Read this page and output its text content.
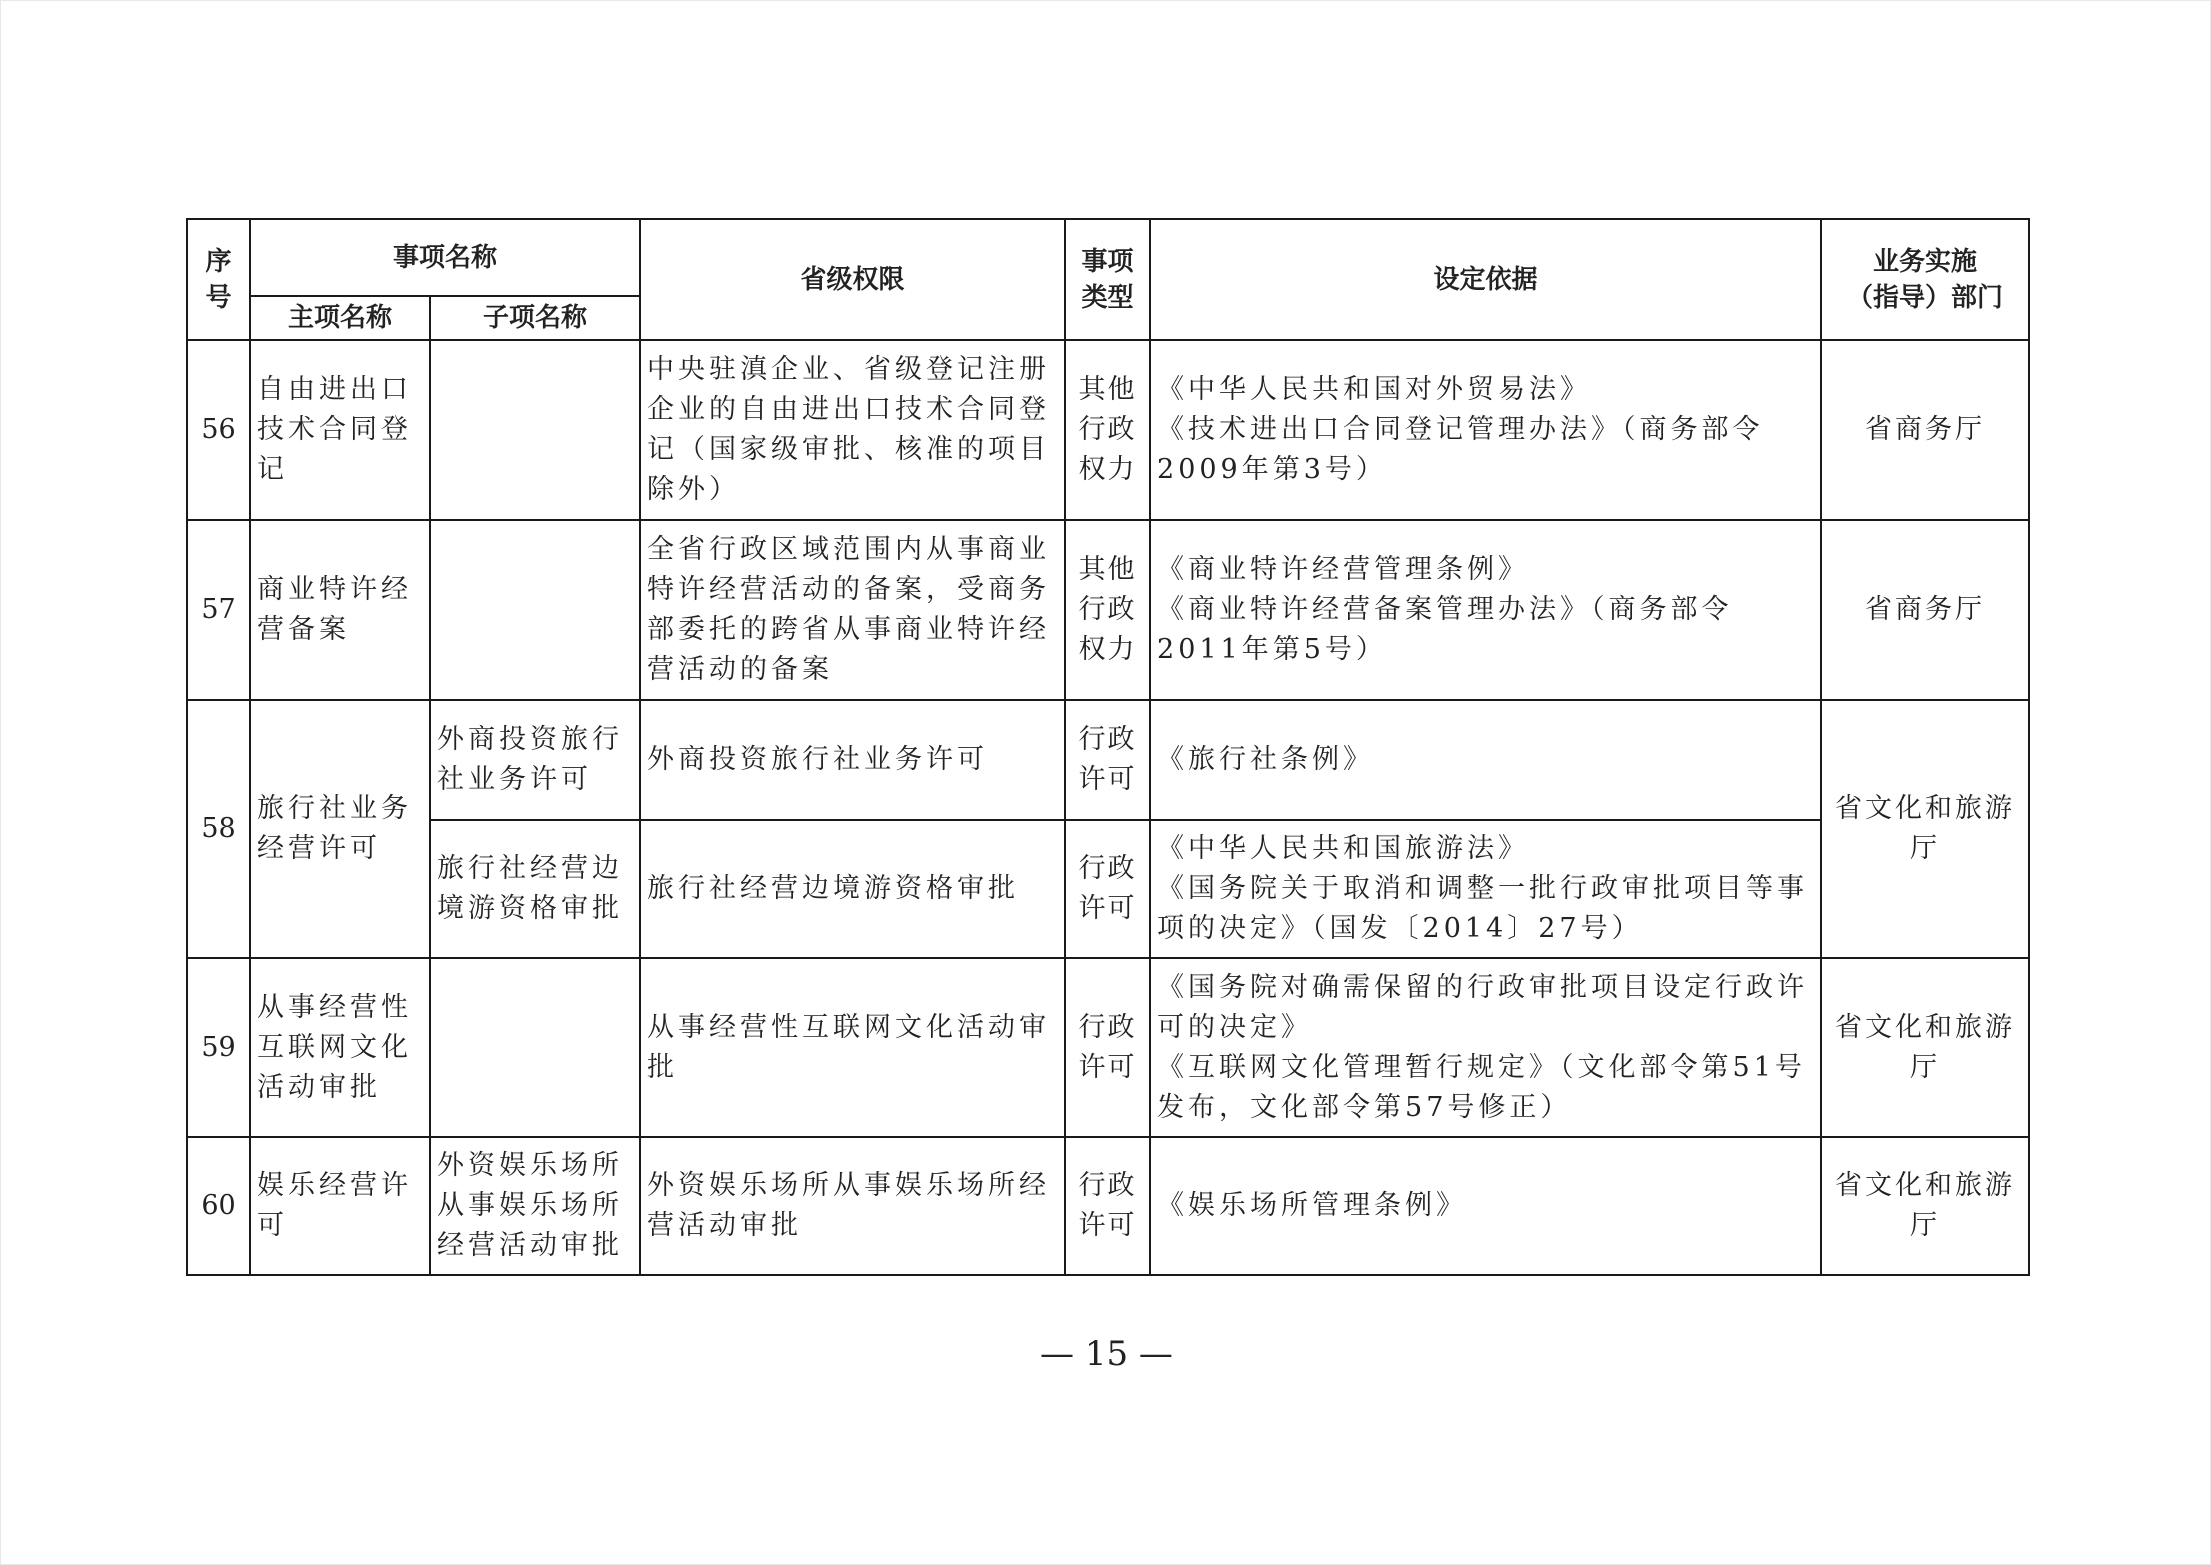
序号	事项名称		省级权限	事项类型	设定依据	业务实施
（指导）部门

	主项名称	子项名称				
56	自由进出口技术合同登记		中央驻滇企业、省级登记注册企业的自由进出口技术合同登记（国家级审批、核准的项目除外）	其他行政权力	《中华人民共和国对外贸易法》
《技术进出口合同登记管理办法》（商务部令2009年第3号）	省商务厅
57	商业特许经营备案		全省行政区域范围内从事商业特许经营活动的备案，受商务部委托的跨省从事商业特许经营活动的备案	其他行政权力	《商业特许经营管理条例》
《商业特许经营备案管理办法》（商务部令2011年第5号）	省商务厅
58	旅行社业务经营许可	外商投资旅行社业务许可	外商投资旅行社业务许可	行政许可	《旅行社条例》	省文化和旅游厅
		旅行社经营边境游资格审批	旅行社经营边境游资格审批	行政许可	《中华人民共和国旅游法》
《国务院关于取消和调整一批行政审批项目等事项的决定》（国发〔2014〕27号）	

59	从事经营性互联网文化活动审批		从事经营性互联网文化活动审批	行政许可	《国务院对确需保留的行政审批项目设定行政许可的决定》
《互联网文化管理暂行规定》（文化部令第51号发布，文化部令第57号修正）	省文化和旅游厅
60	娱乐经营许可	外资娱乐场所从事娱乐场所经营活动审批	外资娱乐场所从事娱乐场所经营活动审批	行政许可	《娱乐场所管理条例》	省文化和旅游厅
— 15 —
